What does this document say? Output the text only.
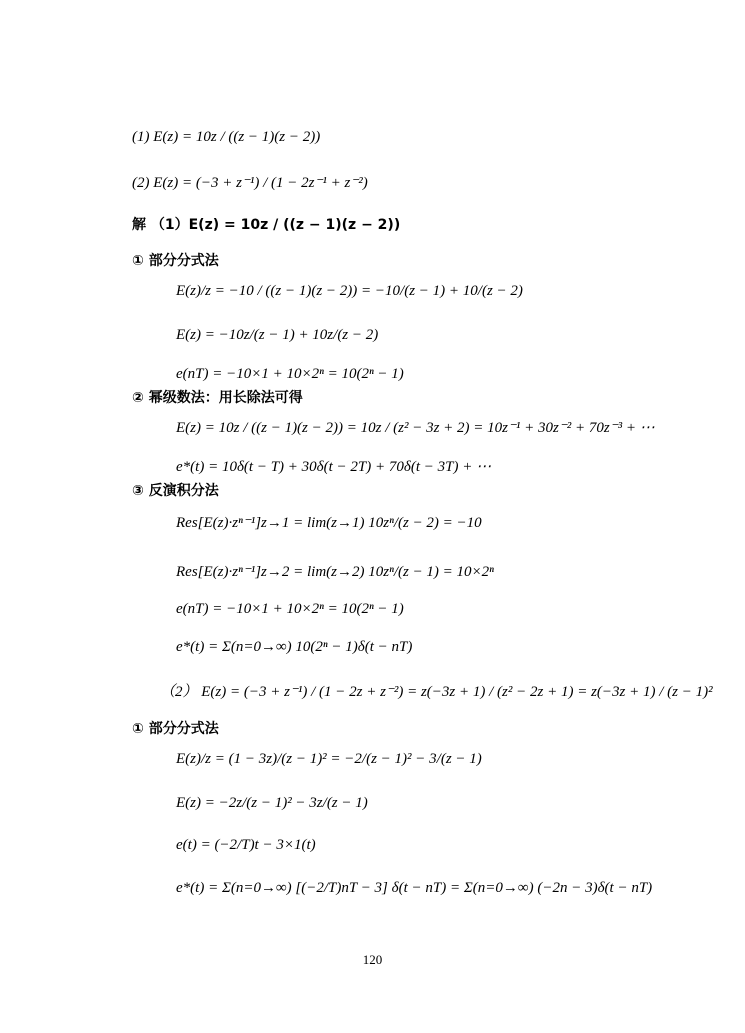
(1) E(z) = 10z / ((z − 1)(z − 2))
(2) E(z) = (−3 + z⁻¹) / (1 − 2z⁻¹ + z⁻²)
解 （1）E(z) = 10z / ((z − 1)(z − 2))
① 部分分式法
E(z)/z = −10 / ((z − 1)(z − 2)) = −10/(z − 1) + 10/(z − 2)
E(z) = −10z/(z − 1) + 10z/(z − 2)
e(nT) = −10×1 + 10×2ⁿ = 10(2ⁿ − 1)
② 幂级数法：用长除法可得
E(z) = 10z / ((z − 1)(z − 2)) = 10z / (z² − 3z + 2) = 10z⁻¹ + 30z⁻² + 70z⁻³ + ⋯
e*(t) = 10δ(t − T) + 30δ(t − 2T) + 70δ(t − 3T) + ⋯
③ 反演积分法
Res[E(z)·zⁿ⁻¹]z→1 = lim(z→1) 10zⁿ/(z − 2) = −10
Res[E(z)·zⁿ⁻¹]z→2 = lim(z→2) 10zⁿ/(z − 1) = 10×2ⁿ
e(nT) = −10×1 + 10×2ⁿ = 10(2ⁿ − 1)
e*(t) = Σ(n=0→∞) 10(2ⁿ − 1)δ(t − nT)
（2） E(z) = (−3 + z⁻¹) / (1 − 2z + z⁻²) = z(−3z + 1) / (z² − 2z + 1) = z(−3z + 1) / (z − 1)²
① 部分分式法
E(z)/z = (1 − 3z)/(z − 1)² = −2/(z − 1)² − 3/(z − 1)
E(z) = −2z/(z − 1)² − 3z/(z − 1)
e(t) = (−2/T)t − 3×1(t)
e*(t) = Σ(n=0→∞) [(−2/T)nT − 3] δ(t − nT) = Σ(n=0→∞) (−2n − 3)δ(t − nT)
120
